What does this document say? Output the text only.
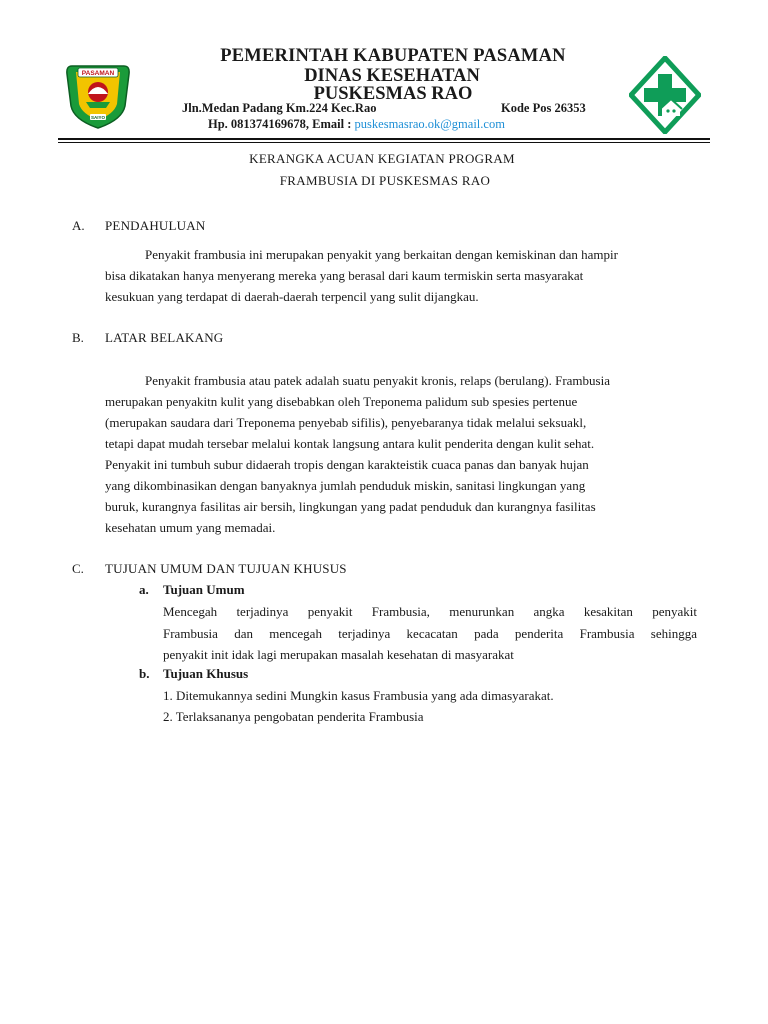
PASAMAN
SAIYO
PEMERINTAH KABUPATEN PASAMAN
DINAS KESEHATAN
PUSKESMAS RAO
Jln.Medan Padang Km.224 Kec.Rao	Kode Pos 26353
Hp. 081374169678, Email : puskesmasrao.ok@gmail.com
KERANGKA ACUAN KEGIATAN PROGRAM
FRAMBUSIA DI PUSKESMAS RAO
A. PENDAHULUAN
Penyakit frambusia ini merupakan penyakit yang berkaitan dengan kemiskinan dan hampir
bisa dikatakan hanya menyerang mereka yang berasal dari kaum termiskin serta masyarakat
kesukuan yang terdapat di daerah-daerah terpencil yang sulit dijangkau.
B. LATAR BELAKANG
Penyakit frambusia atau patek adalah suatu penyakit kronis, relaps (berulang). Frambusia
merupakan penyakitn kulit yang disebabkan oleh Treponema palidum sub spesies pertenue
(merupakan saudara dari Treponema penyebab sifilis), penyebaranya tidak melalui seksuakl,
tetapi dapat mudah tersebar melalui kontak langsung antara kulit penderita dengan kulit sehat.
Penyakit ini tumbuh subur didaerah tropis dengan karakteistik cuaca panas dan banyak hujan
yang dikombinasikan dengan banyaknya jumlah penduduk miskin, sanitasi lingkungan yang
buruk, kurangnya fasilitas air bersih, lingkungan yang padat penduduk dan kurangnya fasilitas
kesehatan umum yang memadai.
C. TUJUAN UMUM DAN TUJUAN KHUSUS
a. Tujuan Umum
Mencegah terjadinya penyakit Frambusia, menurunkan angka kesakitan penyakit
Frambusia dan mencegah terjadinya kecacatan pada penderita Frambusia sehingga
penyakit init idak lagi merupakan masalah kesehatan di masyarakat
b. Tujuan Khusus
1. Ditemukannya sedini Mungkin kasus Frambusia yang ada dimasyarakat.
2. Terlaksananya pengobatan penderita Frambusia
